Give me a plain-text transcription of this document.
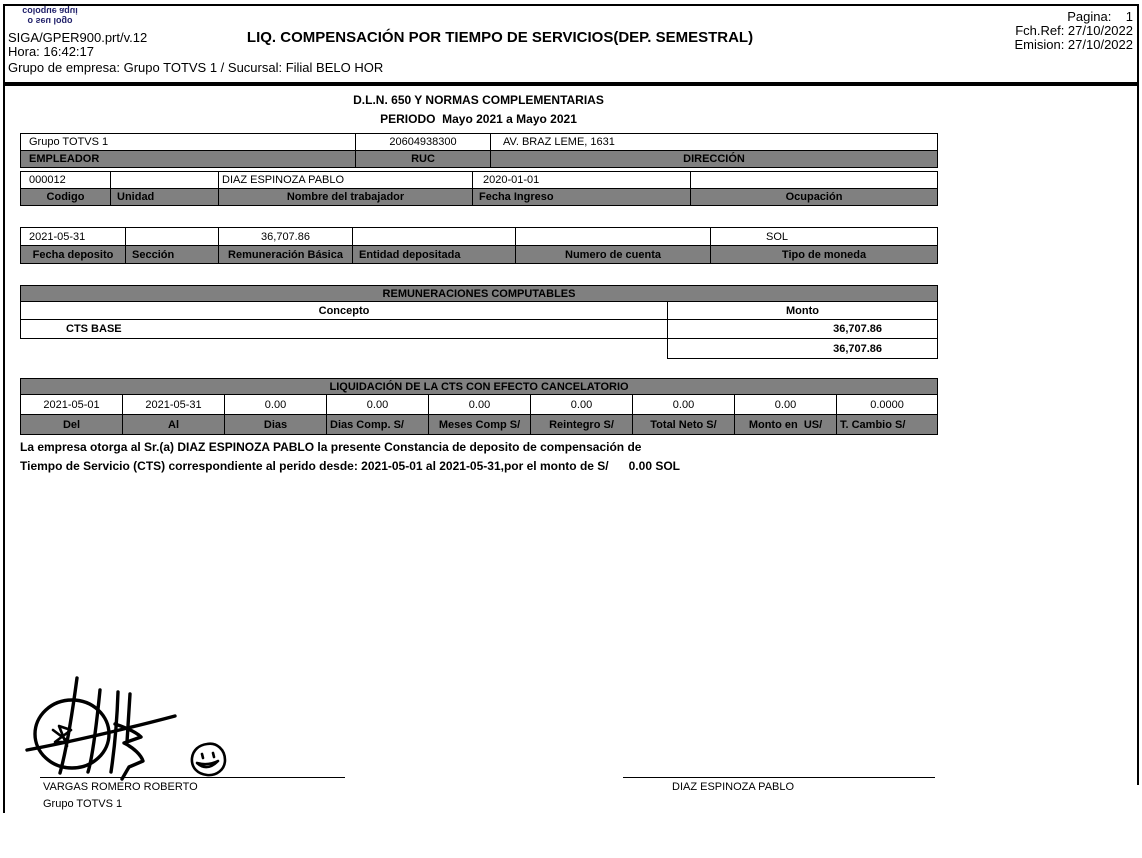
coloque aqui
o seu logo
SIGA/GPER900.prt/v.12
Hora: 16:42:17
LIQ. COMPENSACIÓN POR TIEMPO DE SERVICIOS(DEP. SEMESTRAL)
Pagina:    1
Fch.Ref: 27/10/2022
Emision: 27/10/2022
Grupo de empresa: Grupo TOTVS 1 / Sucursal: Filial BELO HOR
D.L.N. 650 Y NORMAS COMPLEMENTARIAS
PERIODO  Mayo 2021 a Mayo 2021
Grupo TOTVS 1	20604938300	AV. BRAZ LEME, 1631
EMPLEADOR	RUC	DIRECCIÓN
000012		DIAZ ESPINOZA PABLO	2020-01-01	
Codigo	Unidad	Nombre del trabajador	Fecha Ingreso	Ocupación
2021-05-31		36,707.86			SOL
Fecha deposito	Sección	Remuneración Básica	Entidad depositada	Numero de cuenta	Tipo de moneda
REMUNERACIONES COMPUTABLES	
Concepto	Monto
CTS BASE	36,707.86
	36,707.86
LIQUIDACIÓN DE LA CTS CON EFECTO CANCELATORIO								
2021-05-01	2021-05-31	0.00	0.00	0.00	0.00	0.00	0.00	0.0000
Del	Al	Dias	Dias Comp. S/	Meses Comp S/	Reintegro S/	Total Neto S/	Monto en  US/	T. Cambio S/
La empresa otorga al Sr.(a) DIAZ ESPINOZA PABLO la presente Constancia de deposito de compensación de
Tiempo de Servicio (CTS) correspondiente al perido desde: 2021-05-01 al 2021-05-31,por el monto de S/      0.00 SOL
VARGAS ROMERO ROBERTO
Grupo TOTVS 1
DIAZ ESPINOZA PABLO
